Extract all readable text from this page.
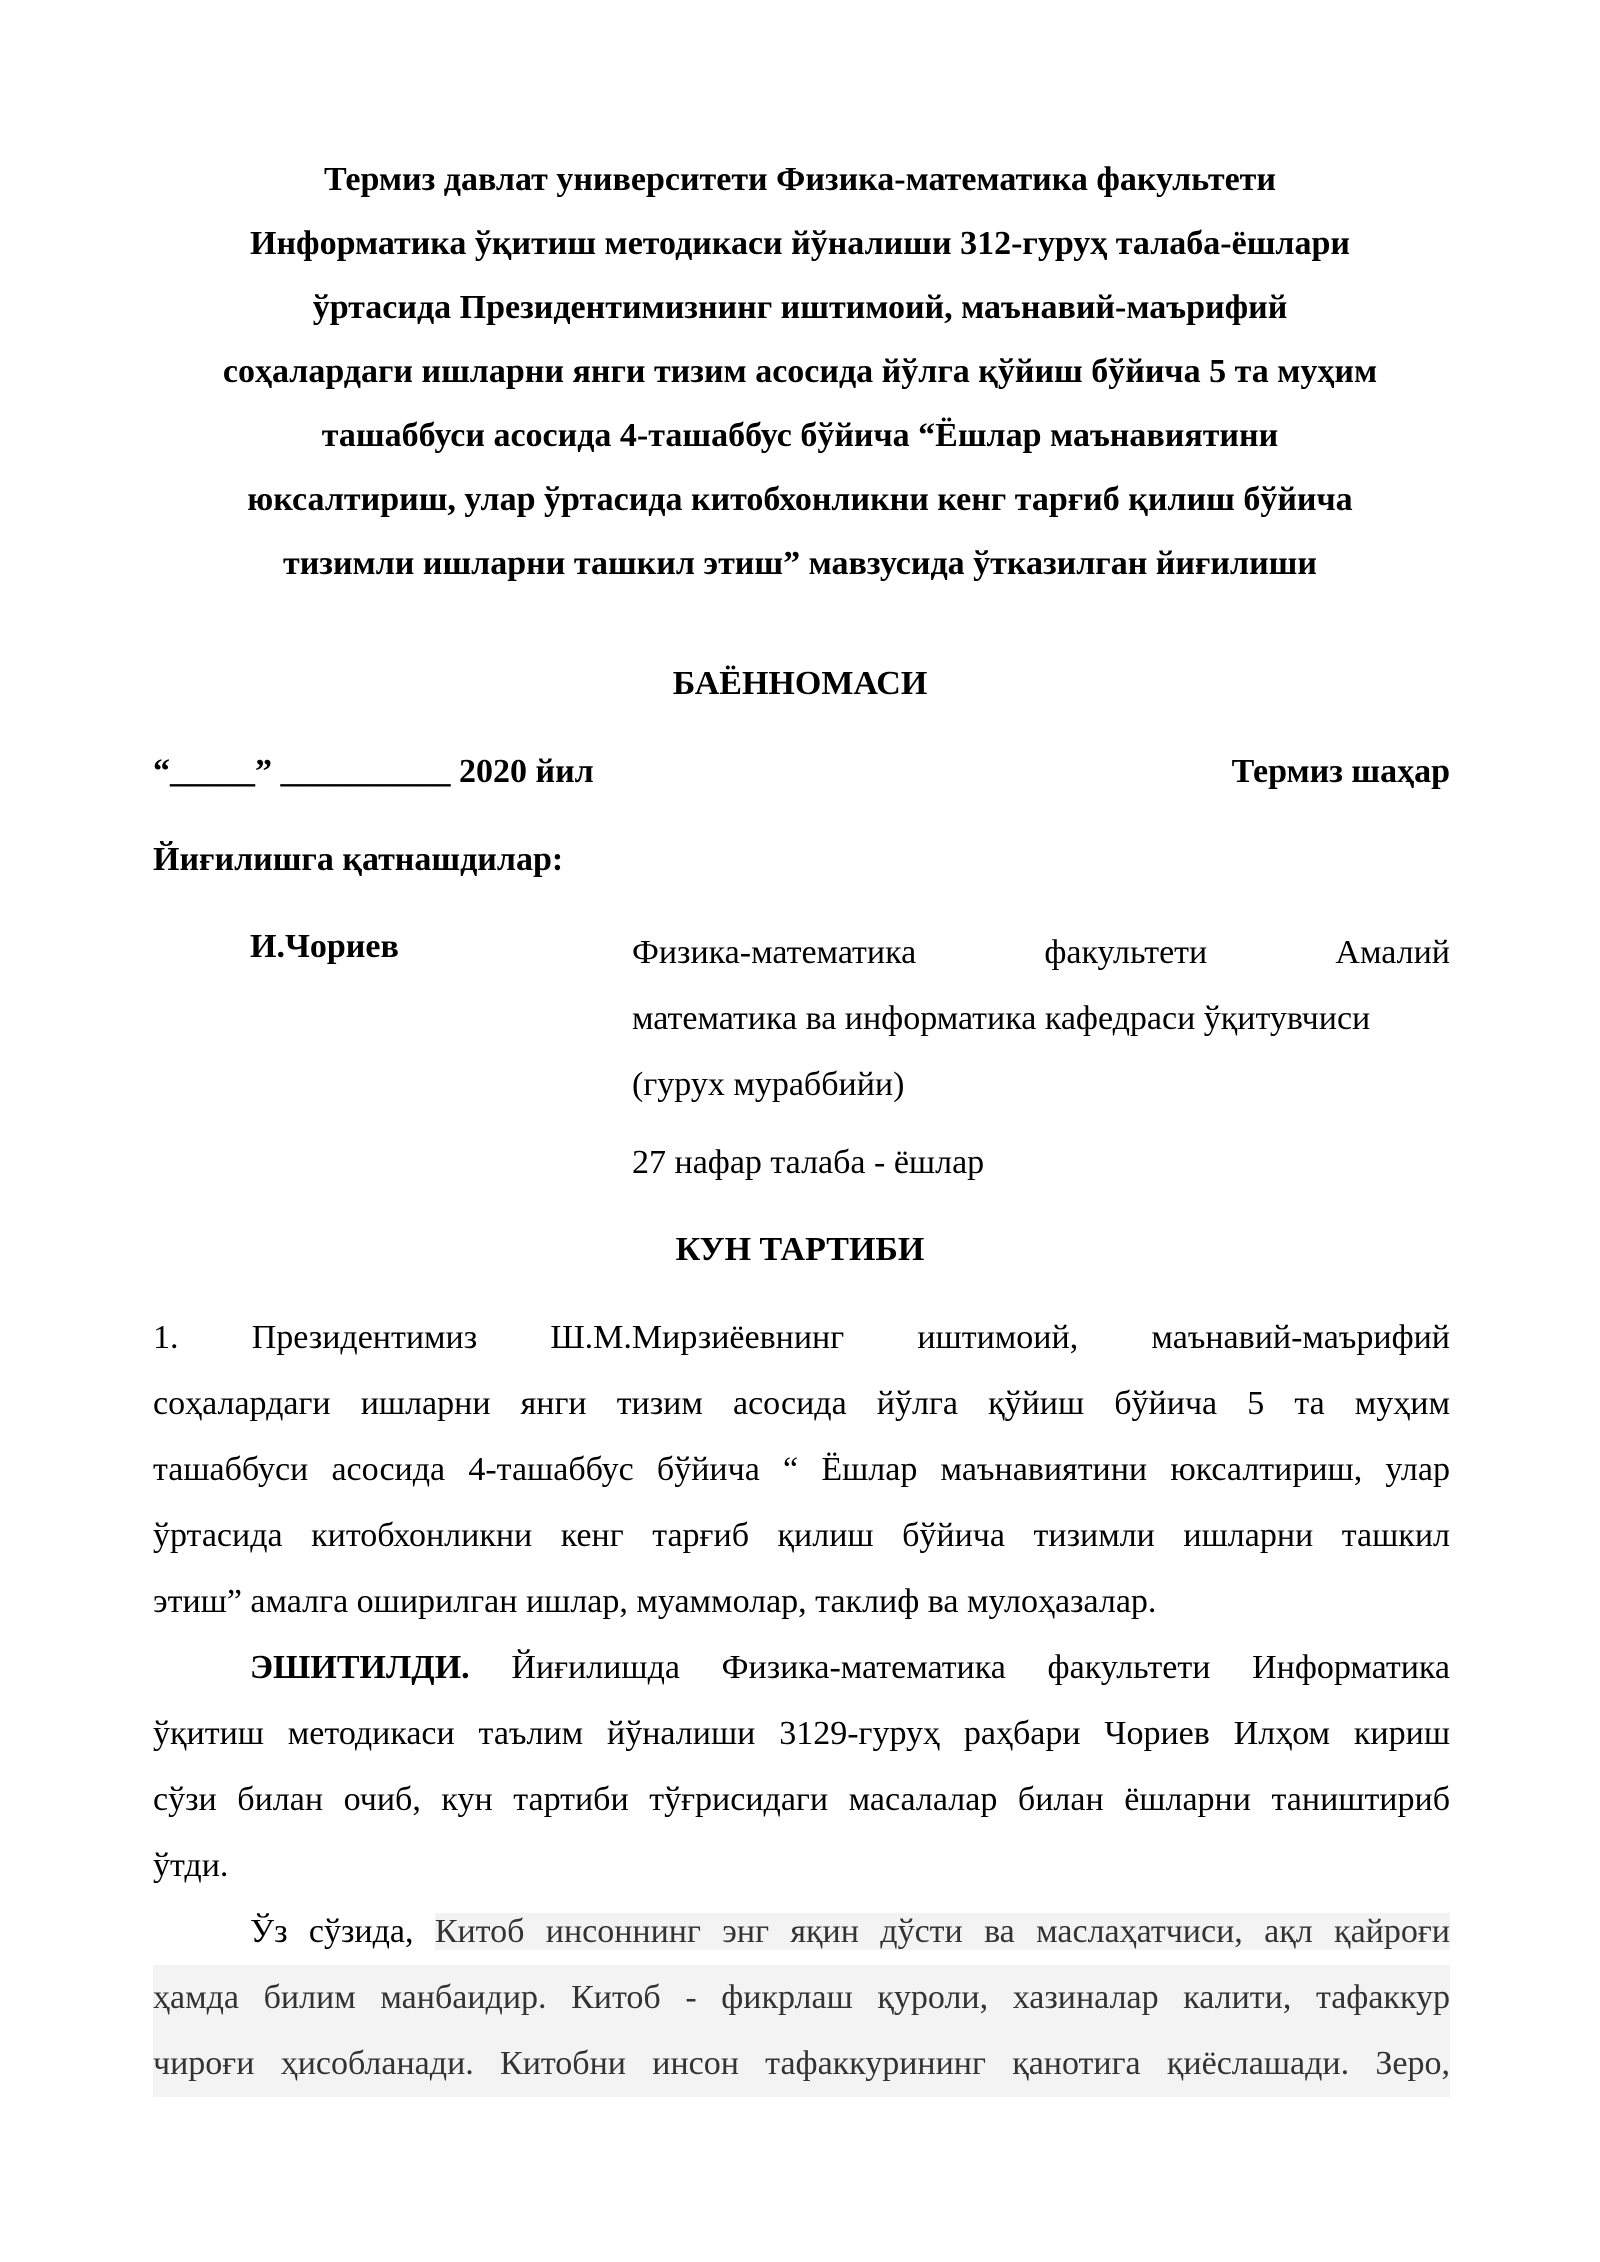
Термиз давлат университети Физика-математика факультети
Информатика ўқитиш методикаси йўналиши 312-гуруҳ талаба-ёшлари
ўртасида Президентимизнинг иштимоий, маънавий-маърифий
соҳалардаги ишларни янги тизим асосида йўлга қўйиш бўйича 5 та муҳим
ташаббуси асосида 4-ташаббус бўйича “Ёшлар маънавиятини
юксалтириш, улар ўртасида китобхонликни кенг тарғиб қилиш бўйича
тизимли ишларни ташкил этиш” мавзусида ўтказилган йиғилиши
БАЁННОМАСИ
“_____” __________ 2020 йил	Термиз шаҳар
Йиғилишга қатнашдилар:
И.Чориев	Физика-математика факультети Амалий
математика ва информатика кафедраси ўқитувчиси
(гурух мураббийи)
27 нафар талаба - ёшлар
КУН ТАРТИБИ
1. Президентимиз Ш.М.Мирзиёевнинг иштимоий, маънавий-маърифий
соҳалардаги ишларни янги тизим асосида йўлга қўйиш бўйича 5 та муҳим
ташаббуси асосида 4-ташаббус бўйича “ Ёшлар маънавиятини юксалтириш, улар
ўртасида китобхонликни кенг тарғиб қилиш бўйича тизимли ишларни ташкил
этиш” амалга оширилган ишлар, муаммолар, таклиф ва мулоҳазалар.
ЭШИТИЛДИ. Йиғилишда Физика-математика факультети Информатика
ўқитиш методикаси таълим йўналиши 3129-гуруҳ раҳбари Чориев Илҳом кириш
сўзи билан очиб, кун тартиби тўғрисидаги масалалар билан ёшларни таништириб
ўтди.
Ўз сўзида, Китоб инсоннинг энг яқин дўсти ва маслаҳатчиси, ақл қайроғи
ҳамда билим манбаидир. Китоб - фикрлаш қуроли, хазиналар калити, тафаккур
чироғи ҳисобланади. Китобни инсон тафаккурининг қанотига қиёслашади. Зеро,
